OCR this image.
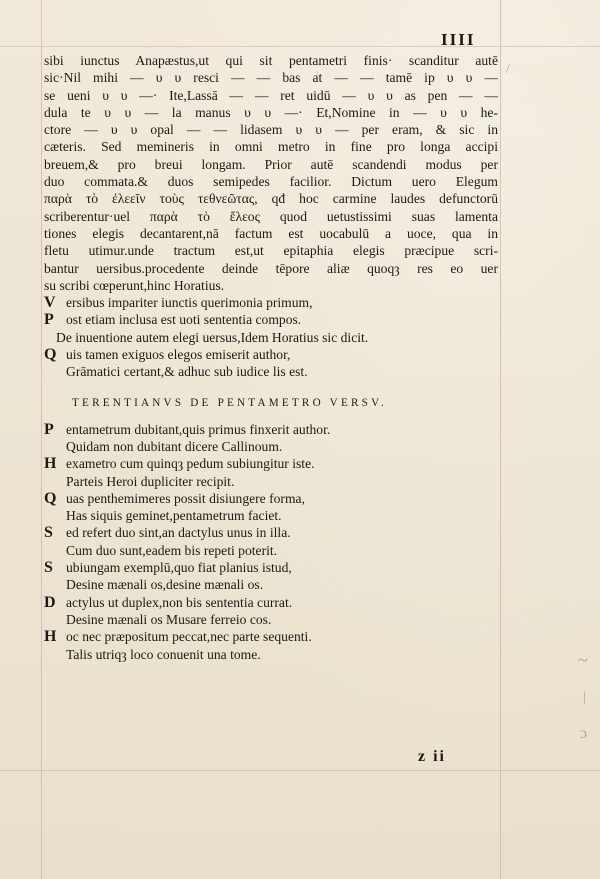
/
~
|
ɔ
IIII
sibi iunctus Anapæstus,ut qui sit pentametri finis· scanditur autē
sic·Nil mihi — υ υ resci — — bas at — — tamē ip υ υ —
se ueni υ υ —· Ite,Lassā — — ret uidū — υ υ as pen — —
dula te υ υ — la manus υ υ —· Et,Nomine in — υ υ he-
ctore — υ υ opal — — lidasem υ υ — per eram, & sic in
cæteris. Sed memineris in omni metro in fine pro longa accipi
breuem,& pro breui longam. Prior autē scandendi modus per
duo commata.& duos semipedes facilior. Dictum uero Elegum
παρὰ τὸ ἐλεεῖν τοὺς τεθνεῶτας, qđ hoc carmine laudes defunctorū
scriberentur·uel παρὰ τὸ ἔλεος quod uetustissimi suas lamenta
tiones elegis decantarent,nā factum est uocabulū a uoce, qua in
fletu utimur.unde tractum est,ut epitaphia elegis præcipue scri-
bantur uersibus.procedente deinde tēpore aliæ quoqȝ res eo uer
su scribi cœperunt,hinc Horatius.
V ersibus impariter iunctis querimonia primum,
P ost etiam inclusa est uoti sententia compos.
De inuentione autem elegi uersus,Idem Horatius sic dicit.
Q uis tamen exiguos elegos emiserit author,
Grāmatici certant,& adhuc sub iudice lis est.
TERENTIANVS DE PENTAMETRO VERSV.
P entametrum dubitant,quis primus finxerit author.
Quidam non dubitant dicere Callinoum.
H exametro cum quinqȝ pedum subiungitur iste.
Parteis Heroi dupliciter recipit.
Q uas penthemimeres possit disiungere forma,
Has siquis geminet,pentametrum faciet.
S ed refert duo sint,an dactylus unus in illa.
Cum duo sunt,eadem bis repeti poterit.
S ubiungam exemplū,quo fiat planius istud,
Desine mænali os,desine mænali os.
D actylus ut duplex,non bis sententia currat.
Desine mænali os Musare ferreio cos.
H oc nec præpositum peccat,nec parte sequenti.
Talis utriqȝ loco conuenit una tome.
z ii
